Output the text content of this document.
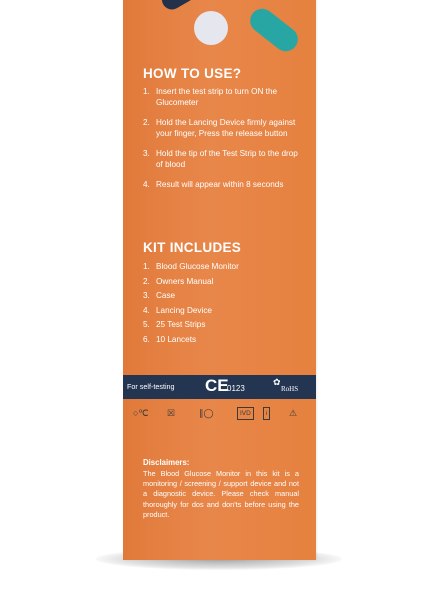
HOW TO USE?
1. Insert the test strip to turn ON the Glucometer
2. Hold the Lancing Device firmly against your finger, Press the release button
3. Hold the tip of the Test Strip to the drop of blood
4. Result will appear within 8 seconds
KIT INCLUDES
1. Blood Glucose Monitor
2. Owners Manual
3. Case
4. Lancing Device
5. 25 Test Strips
6. 10 Lancets
For self-testing CE
0123
✿
RoHS
○℃ ☒	∥◯	IVD	i	⚠
Disclaimers:
The Blood Glucose Monitor in this kit is a monitoring / screening / support device and not a diagnostic device. Please check manual thoroughly for dos and don'ts before using the product.
